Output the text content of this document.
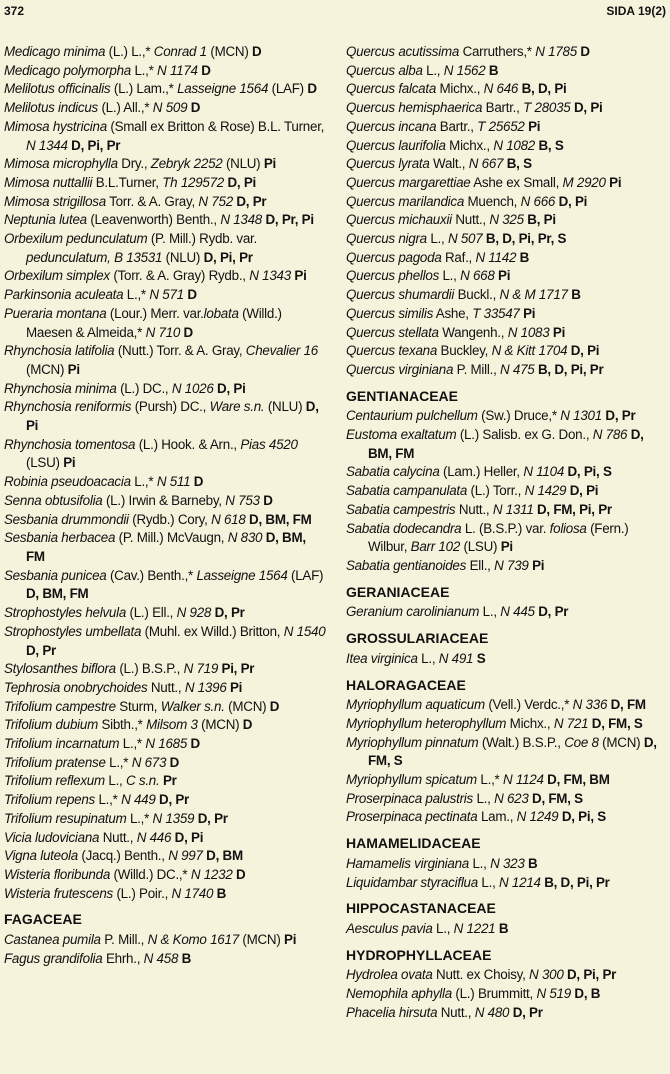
372	SIDA 19(2)
Medicago minima (L.) L.,* Conrad 1 (MCN) D
Medicago polymorpha L.,* N 1174 D
Melilotus officinalis (L.) Lam.,* Lasseigne 1564 (LAF) D
Melilotus indicus (L.) All.,* N 509 D
Mimosa hystricina (Small ex Britton & Rose) B.L. Turner, N 1344 D, Pi, Pr
Mimosa microphylla Dry., Zebryk 2252 (NLU) Pi
Mimosa nuttallii B.L.Turner, Th 129572 D, Pi
Mimosa strigillosa Torr. & A. Gray, N 752 D, Pr
Neptunia lutea (Leavenworth) Benth., N 1348 D, Pr, Pi
Orbexilum pedunculatum (P. Mill.) Rydb. var. pedunculatum, B 13531 (NLU) D, Pi, Pr
Orbexilum simplex (Torr. & A. Gray) Rydb., N 1343 Pi
Parkinsonia aculeata L.,* N 571 D
Pueraria montana (Lour.) Merr. var.lobata (Willd.) Maesen & Almeida,* N 710 D
Rhynchosia latifolia (Nutt.) Torr. & A. Gray, Chevalier 16 (MCN) Pi
Rhynchosia minima (L.) DC., N 1026 D, Pi
Rhynchosia reniformis (Pursh) DC., Ware s.n. (NLU) D, Pi
Rhynchosia tomentosa (L.) Hook. & Arn., Pias 4520 (LSU) Pi
Robinia pseudoacacia L.,* N 511 D
Senna obtusifolia (L.) Irwin & Barneby, N 753 D
Sesbania drummondii (Rydb.) Cory, N 618 D, BM, FM
Sesbania herbacea (P. Mill.) McVaugn, N 830 D, BM, FM
Sesbania punicea (Cav.) Benth.,* Lasseigne 1564 (LAF) D, BM, FM
Strophostyles helvula (L.) Ell., N 928 D, Pr
Strophostyles umbellata (Muhl. ex Willd.) Britton, N 1540 D, Pr
Stylosanthes biflora (L.) B.S.P., N 719 Pi, Pr
Tephrosia onobrychoides Nutt., N 1396 Pi
Trifolium campestre Sturm, Walker s.n. (MCN) D
Trifolium dubium Sibth.,* Milsom 3 (MCN) D
Trifolium incarnatum L.,* N 1685 D
Trifolium pratense L.,* N 673 D
Trifolium reflexum L., C s.n. Pr
Trifolium repens L.,* N 449 D, Pr
Trifolium resupinatum L.,* N 1359 D, Pr
Vicia ludoviciana Nutt., N 446 D, Pi
Vigna luteola (Jacq.) Benth., N 997 D, BM
Wisteria floribunda (Willd.) DC.,* N 1232 D
Wisteria frutescens (L.) Poir., N 1740 B
FAGACEAE
Castanea pumila P. Mill., N & Komo 1617 (MCN) Pi
Fagus grandifolia Ehrh., N 458 B
Quercus acutissima Carruthers,* N 1785 D
Quercus alba L., N 1562 B
Quercus falcata Michx., N 646 B, D, Pi
Quercus hemisphaerica Bartr., T 28035 D, Pi
Quercus incana Bartr., T 25652 Pi
Quercus laurifolia Michx., N 1082 B, S
Quercus lyrata Walt., N 667 B, S
Quercus margarettiae Ashe ex Small, M 2920 Pi
Quercus marilandica Muench, N 666 D, Pi
Quercus michauxii Nutt., N 325 B, Pi
Quercus nigra L., N 507 B, D, Pi, Pr, S
Quercus pagoda Raf., N 1142 B
Quercus phellos L., N 668 Pi
Quercus shumardii Buckl., N & M 1717 B
Quercus similis Ashe, T 33547 Pi
Quercus stellata Wangenh., N 1083 Pi
Quercus texana Buckley, N & Kitt 1704 D, Pi
Quercus virginiana P. Mill., N 475 B, D, Pi, Pr
GENTIANACEAE
Centaurium pulchellum (Sw.) Druce,* N 1301 D, Pr
Eustoma exaltatum (L.) Salisb. ex G. Don., N 786 D, BM, FM
Sabatia calycina (Lam.) Heller, N 1104 D, Pi, S
Sabatia campanulata (L.) Torr., N 1429 D, Pi
Sabatia campestris Nutt., N 1311 D, FM, Pi, Pr
Sabatia dodecandra L. (B.S.P.) var. foliosa (Fern.) Wilbur, Barr 102 (LSU) Pi
Sabatia gentianoides Ell., N 739 Pi
GERANIACEAE
Geranium carolinianum L., N 445 D, Pr
GROSSULARIACEAE
Itea virginica L., N 491 S
HALORAGACEAE
Myriophyllum aquaticum (Vell.) Verdc.,* N 336 D, FM
Myriophyllum heterophyllum Michx., N 721 D, FM, S
Myriophyllum pinnatum (Walt.) B.S.P., Coe 8 (MCN) D, FM, S
Myriophyllum spicatum L.,* N 1124 D, FM, BM
Proserpinaca palustris L., N 623 D, FM, S
Proserpinaca pectinata Lam., N 1249 D, Pi, S
HAMAMELIDACEAE
Hamamelis virginiana L., N 323 B
Liquidambar styraciflua L., N 1214 B, D, Pi, Pr
HIPPOCASTANACEAE
Aesculus pavia L., N 1221 B
HYDROPHYLLACEAE
Hydrolea ovata Nutt. ex Choisy, N 300 D, Pi, Pr
Nemophila aphylla (L.) Brummitt, N 519 D, B
Phacelia hirsuta Nutt., N 480 D, Pr
